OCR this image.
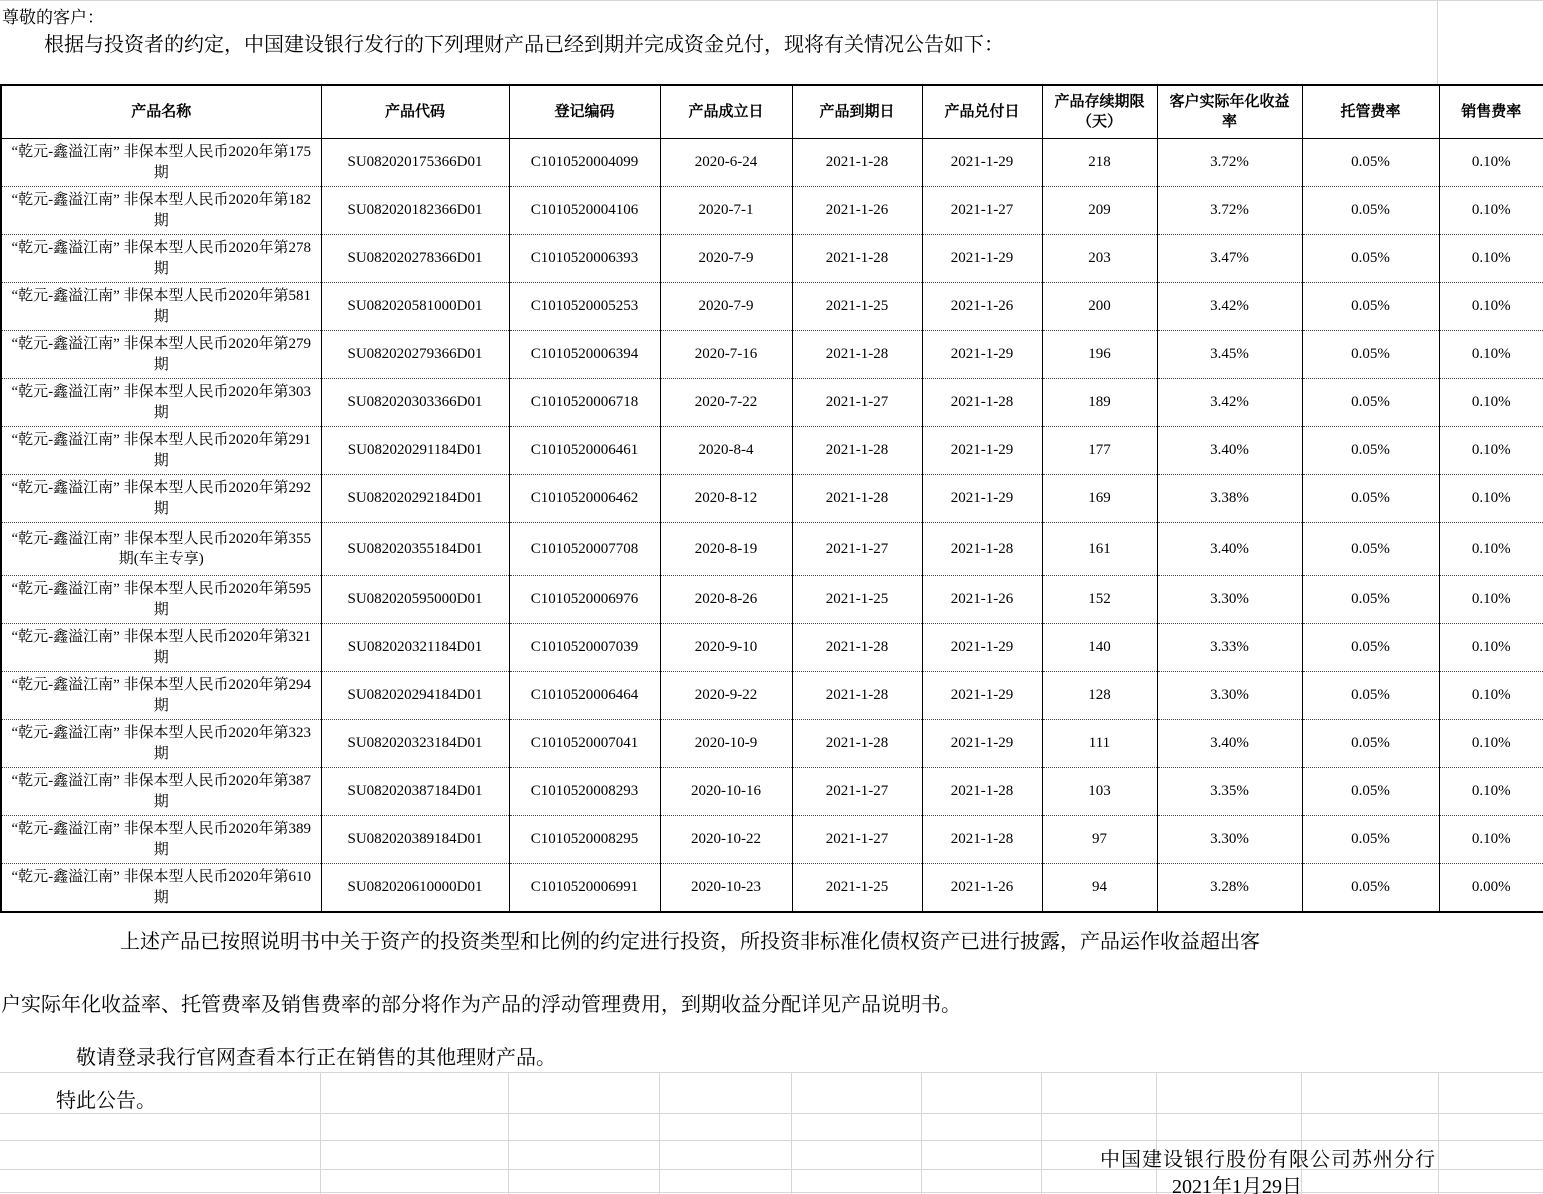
尊敬的客户：
根据与投资者的约定，中国建设银行发行的下列理财产品已经到期并完成资金兑付，现将有关情况公告如下：
产品名称	产品代码	登记编码	产品成立日	产品到期日	产品兑付日	产品存续期限（天）	客户实际年化收益率	托管费率	销售费率
“乾元-鑫溢江南” 非保本型人民币2020年第175期	SU082020175366D01	C1010520004099	2020-6-24	2021-1-28	2021-1-29	218	3.72%	0.05%	0.10%
“乾元-鑫溢江南” 非保本型人民币2020年第182期	SU082020182366D01	C1010520004106	2020-7-1	2021-1-26	2021-1-27	209	3.72%	0.05%	0.10%
“乾元-鑫溢江南” 非保本型人民币2020年第278期	SU082020278366D01	C1010520006393	2020-7-9	2021-1-28	2021-1-29	203	3.47%	0.05%	0.10%
“乾元-鑫溢江南” 非保本型人民币2020年第581期	SU082020581000D01	C1010520005253	2020-7-9	2021-1-25	2021-1-26	200	3.42%	0.05%	0.10%
“乾元-鑫溢江南” 非保本型人民币2020年第279期	SU082020279366D01	C1010520006394	2020-7-16	2021-1-28	2021-1-29	196	3.45%	0.05%	0.10%
“乾元-鑫溢江南” 非保本型人民币2020年第303期	SU082020303366D01	C1010520006718	2020-7-22	2021-1-27	2021-1-28	189	3.42%	0.05%	0.10%
“乾元-鑫溢江南” 非保本型人民币2020年第291期	SU082020291184D01	C1010520006461	2020-8-4	2021-1-28	2021-1-29	177	3.40%	0.05%	0.10%
“乾元-鑫溢江南” 非保本型人民币2020年第292期	SU082020292184D01	C1010520006462	2020-8-12	2021-1-28	2021-1-29	169	3.38%	0.05%	0.10%
“乾元-鑫溢江南” 非保本型人民币2020年第355期(车主专享)	SU082020355184D01	C1010520007708	2020-8-19	2021-1-27	2021-1-28	161	3.40%	0.05%	0.10%
“乾元-鑫溢江南” 非保本型人民币2020年第595期	SU082020595000D01	C1010520006976	2020-8-26	2021-1-25	2021-1-26	152	3.30%	0.05%	0.10%
“乾元-鑫溢江南” 非保本型人民币2020年第321期	SU082020321184D01	C1010520007039	2020-9-10	2021-1-28	2021-1-29	140	3.33%	0.05%	0.10%
“乾元-鑫溢江南” 非保本型人民币2020年第294期	SU082020294184D01	C1010520006464	2020-9-22	2021-1-28	2021-1-29	128	3.30%	0.05%	0.10%
“乾元-鑫溢江南” 非保本型人民币2020年第323期	SU082020323184D01	C1010520007041	2020-10-9	2021-1-28	2021-1-29	111	3.40%	0.05%	0.10%
“乾元-鑫溢江南” 非保本型人民币2020年第387期	SU082020387184D01	C1010520008293	2020-10-16	2021-1-27	2021-1-28	103	3.35%	0.05%	0.10%
“乾元-鑫溢江南” 非保本型人民币2020年第389期	SU082020389184D01	C1010520008295	2020-10-22	2021-1-27	2021-1-28	97	3.30%	0.05%	0.10%
“乾元-鑫溢江南” 非保本型人民币2020年第610期	SU082020610000D01	C1010520006991	2020-10-23	2021-1-25	2021-1-26	94	3.28%	0.05%	0.00%
上述产品已按照说明书中关于资产的投资类型和比例的约定进行投资，所投资非标准化债权资产已进行披露，产品运作收益超出客
户实际年化收益率、托管费率及销售费率的部分将作为产品的浮动管理费用，到期收益分配详见产品说明书。
敬请登录我行官网查看本行正在销售的其他理财产品。
特此公告。
中国建设银行股份有限公司苏州分行
2021年1月29日
